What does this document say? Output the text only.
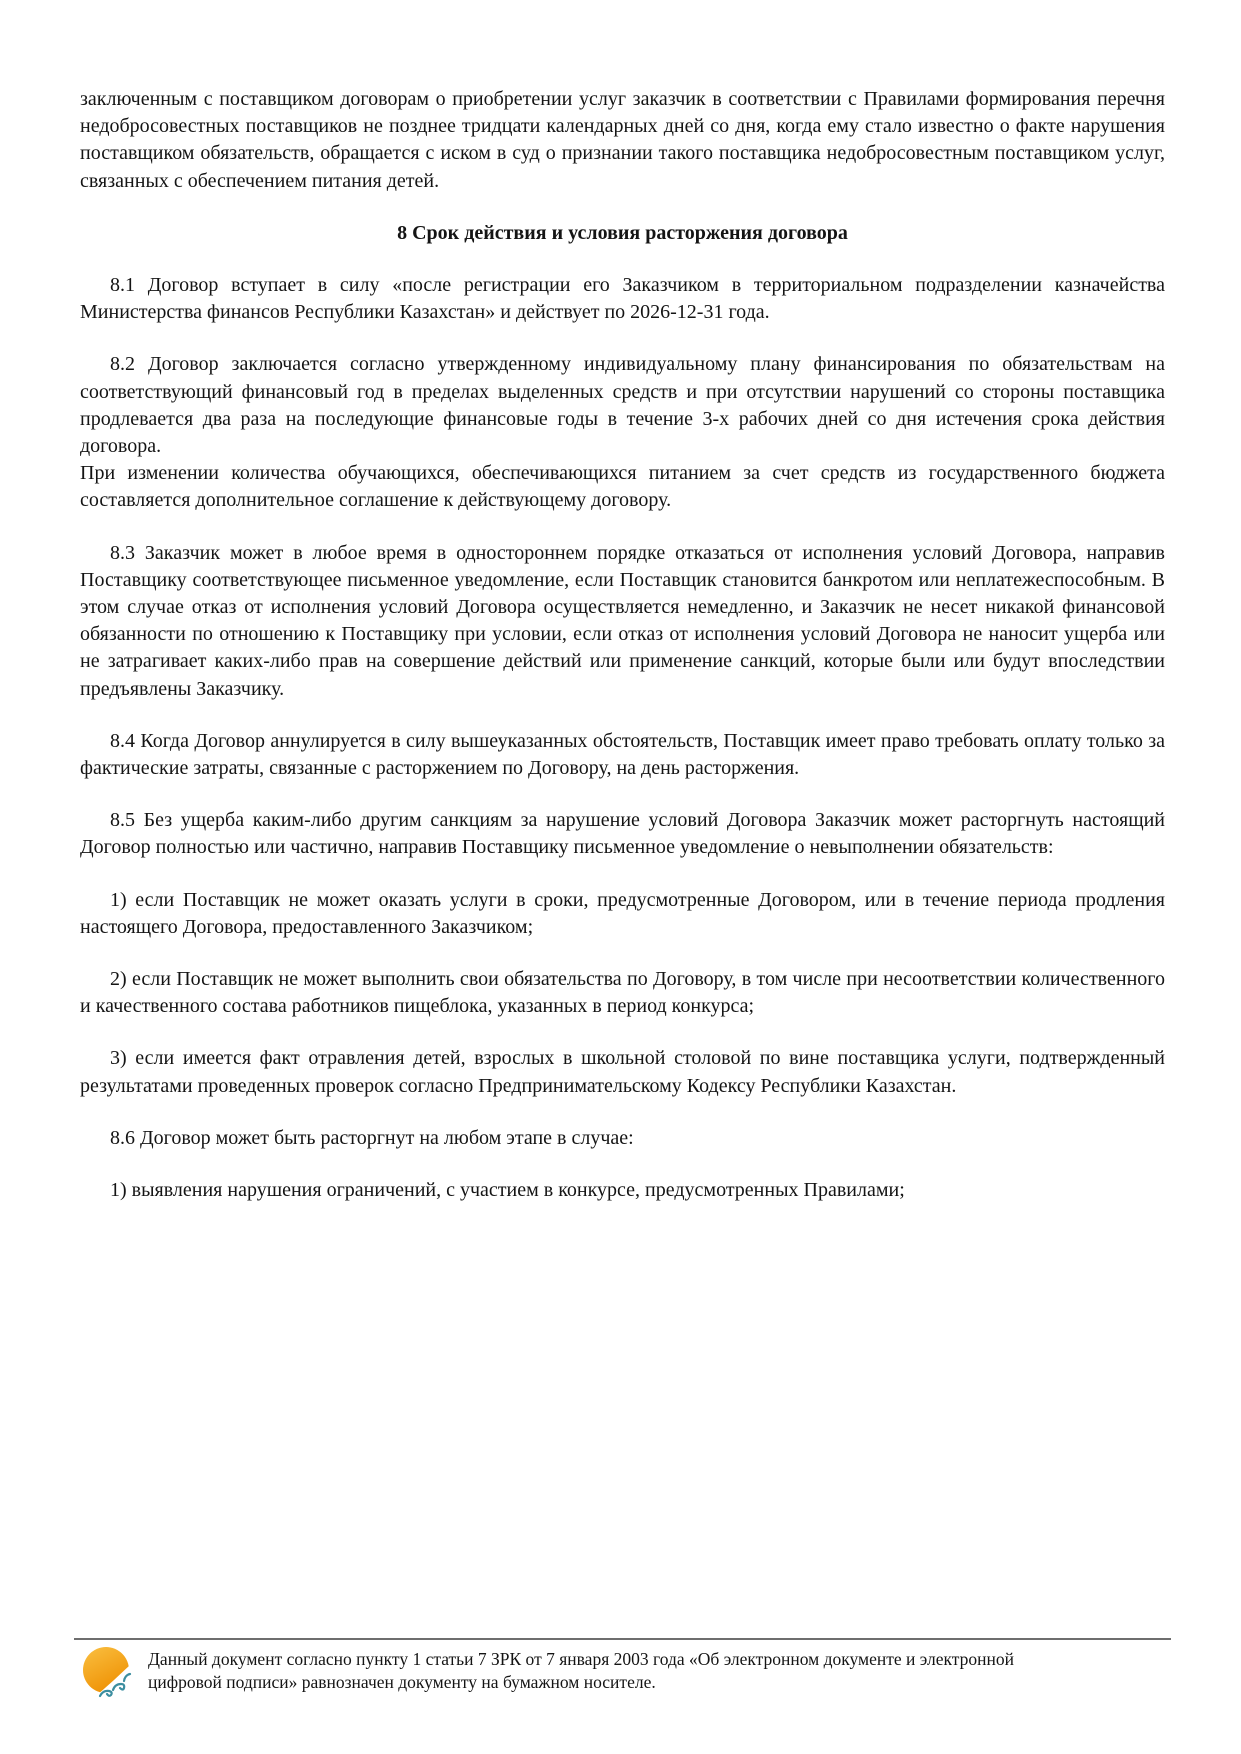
заключенным с поставщиком договорам о приобретении услуг заказчик в соответствии с Правилами формирования перечня недобросовестных поставщиков не позднее тридцати календарных дней со дня, когда ему стало известно о факте нарушения поставщиком обязательств, обращается с иском в суд о признании такого поставщика недобросовестным поставщиком услуг, связанных с обеспечением питания детей.

8 Срок действия и условия расторжения договора

8.1 Договор вступает в силу «после регистрации его Заказчиком в территориальном подразделении казначейства Министерства финансов Республики Казахстан» и действует по 2026-12-31 года.

8.2 Договор заключается согласно утвержденному индивидуальному плану финансирования по обязательствам на соответствующий финансовый год в пределах выделенных средств и при отсутствии нарушений со стороны поставщика продлевается два раза на последующие финансовые годы в течение 3-х рабочих дней со дня истечения срока действия договора.

При изменении количества обучающихся, обеспечивающихся питанием за счет средств из государственного бюджета составляется дополнительное соглашение к действующему договору.

8.3 Заказчик может в любое время в одностороннем порядке отказаться от исполнения условий Договора, направив Поставщику соответствующее письменное уведомление, если Поставщик становится банкротом или неплатежеспособным. В этом случае отказ от исполнения условий Договора осуществляется немедленно, и Заказчик не несет никакой финансовой обязанности по отношению к Поставщику при условии, если отказ от исполнения условий Договора не наносит ущерба или не затрагивает каких-либо прав на совершение действий или применение санкций, которые были или будут впоследствии предъявлены Заказчику.

8.4 Когда Договор аннулируется в силу вышеуказанных обстоятельств, Поставщик имеет право требовать оплату только за фактические затраты, связанные с расторжением по Договору, на день расторжения.

8.5 Без ущерба каким-либо другим санкциям за нарушение условий Договора Заказчик может расторгнуть настоящий Договор полностью или частично, направив Поставщику письменное уведомление о невыполнении обязательств:

1) если Поставщик не может оказать услуги в сроки, предусмотренные Договором, или в течение периода продления настоящего Договора, предоставленного Заказчиком;

2) если Поставщик не может выполнить свои обязательства по Договору, в том числе при несоответствии количественного и качественного состава работников пищеблока, указанных в период конкурса;

3) если имеется факт отравления детей, взрослых в школьной столовой по вине поставщика услуги, подтвержденный результатами проведенных проверок согласно Предпринимательскому Кодексу Республики Казахстан.

8.6 Договор может быть расторгнут на любом этапе в случае:

1) выявления нарушения ограничений, с участием в конкурсе, предусмотренных Правилами;

Данный документ согласно пункту 1 статьи 7 ЗРК от 7 января 2003 года «Об электронном документе и электронной цифровой подписи» равнозначен документу на бумажном носителе.
